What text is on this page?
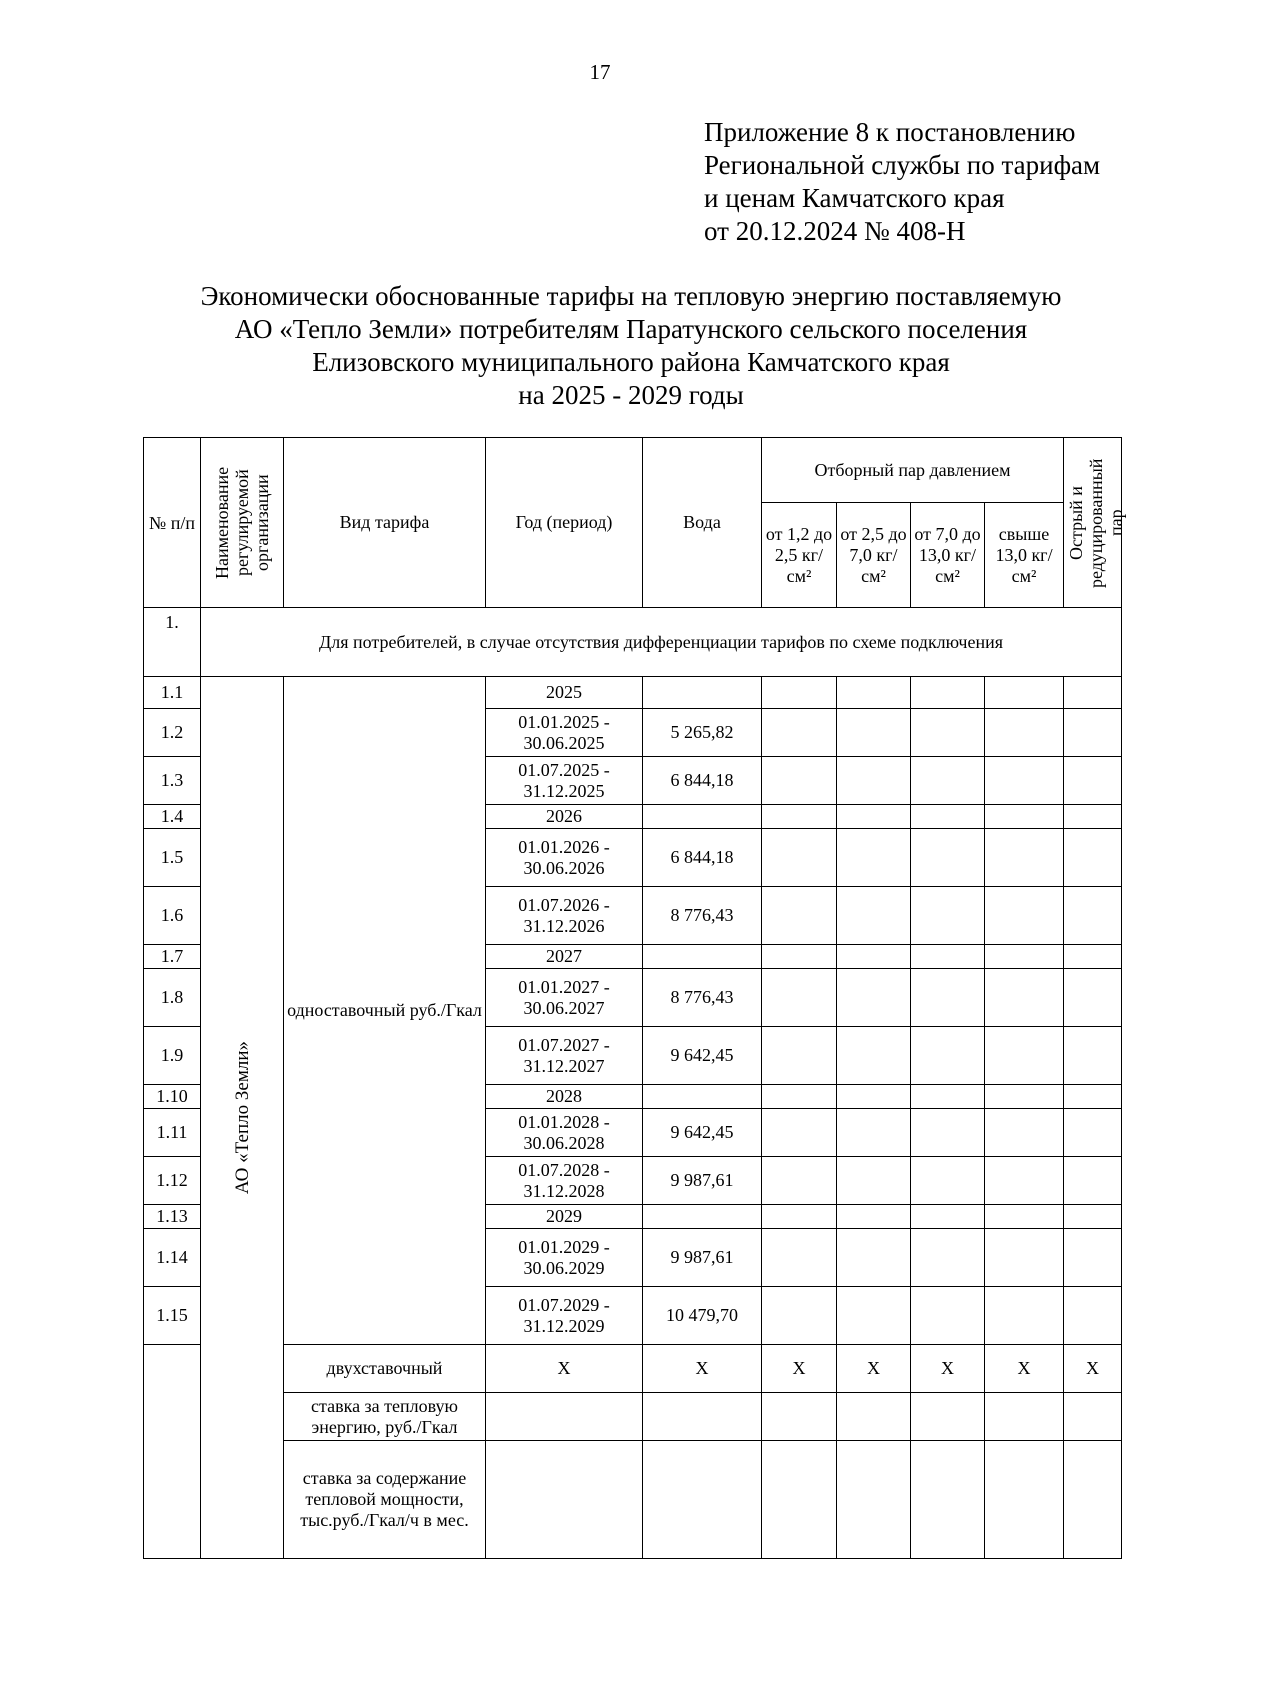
17
Приложение 8 к постановлению
Региональной службы по тарифам
и ценам Камчатского края
от 20.12.2024 № 408-Н
Экономически обоснованные тарифы на тепловую энергию поставляемую
АО «Тепло Земли» потребителям Паратунского сельского поселения
Елизовского муниципального района Камчатского края
на 2025 - 2029 годы
№ п/п	Наименование регулируемой организации	Вид тарифа	Год (период)	Вода	Отборный пар давлением				Острый и редуцированный пар

					от 1,2 до 2,5 кг/см²	от 2,5 до 7,0 кг/см²	от 7,0 до 13,0 кг/см²	свыше 13,0 кг/см²	
1.	Для потребителей, в случае отсутствия дифференциации тарифов по схеме подключения								
1.1	АО «Тепло Земли»	одноставочный руб./Гкал	2025						
1.2			01.01.2025 - 30.06.2025	5 265,82					
1.3			01.07.2025 - 31.12.2025	6 844,18					
1.4			2026						
1.5			01.01.2026 - 30.06.2026	6 844,18					
1.6			01.07.2026 - 31.12.2026	8 776,43					
1.7			2027						
1.8			01.01.2027 - 30.06.2027	8 776,43					
1.9			01.07.2027 - 31.12.2027	9 642,45					
1.10			2028						
1.11			01.01.2028 - 30.06.2028	9 642,45					
1.12			01.07.2028 - 31.12.2028	9 987,61					
1.13			2029						
1.14			01.01.2029 - 30.06.2029	9 987,61					
1.15			01.07.2029 - 31.12.2029	10 479,70					
		двухставочный	Х	Х	Х	Х	Х	Х	Х
		ставка за тепловую энергию, руб./Гкал							
		ставка за содержание тепловой мощности, тыс.руб./Гкал/ч в мес.							
